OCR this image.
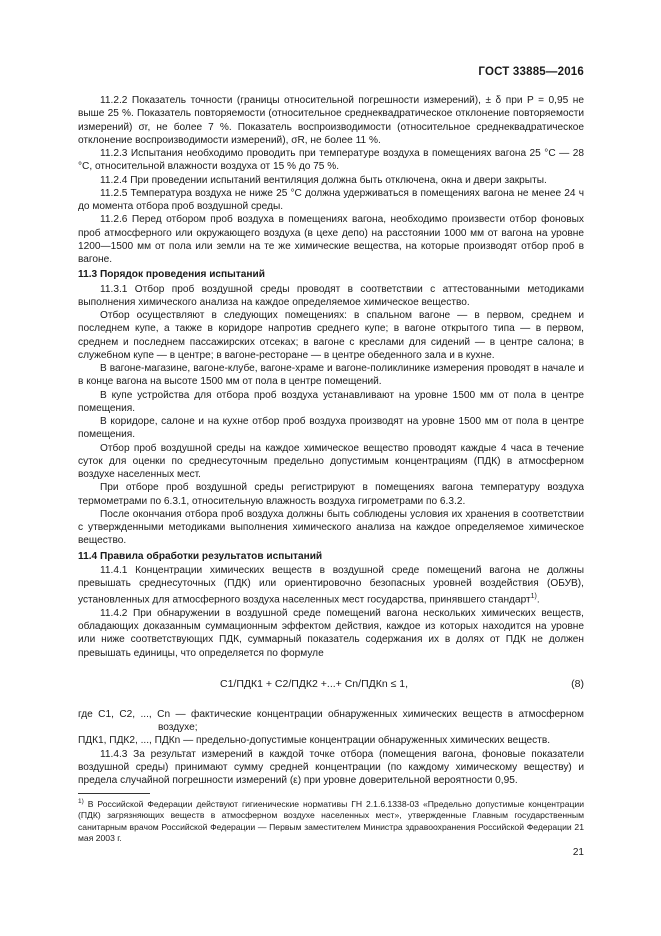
ГОСТ 33885—2016

11.2.2 Показатель точности (границы относительной погрешности измерений), ± δ при P = 0,95 не выше 25 %. Показатель повторяемости (относительное среднеквадратическое отклонение повторяемости измерений) σr, не более 7 %. Показатель воспроизводимости (относительное среднеквадратическое отклонение воспроизводимости измерений), σR, не более 11 %.

11.2.3 Испытания необходимо проводить при температуре воздуха в помещениях вагона 25 °С — 28 °С, относительной влажности воздуха от 15 % до 75 %.

11.2.4 При проведении испытаний вентиляция должна быть отключена, окна и двери закрыты.

11.2.5 Температура воздуха не ниже 25 °С должна удерживаться в помещениях вагона не менее 24 ч до момента отбора проб воздушной среды.

11.2.6 Перед отбором проб воздуха в помещениях вагона, необходимо произвести отбор фоновых проб атмосферного или окружающего воздуха (в цехе депо) на расстоянии 1000 мм от вагона на уровне 1200—1500 мм от пола или земли на те же химические вещества, на которые производят отбор проб в вагоне.

11.3 Порядок проведения испытаний

11.3.1 Отбор проб воздушной среды проводят в соответствии с аттестованными методиками выполнения химического анализа на каждое определяемое химическое вещество.

Отбор осуществляют в следующих помещениях: в спальном вагоне — в первом, среднем и последнем купе, а также в коридоре напротив среднего купе; в вагоне открытого типа — в первом, среднем и последнем пассажирских отсеках; в вагоне с креслами для сидений — в центре салона; в служебном купе — в центре; в вагоне-ресторане — в центре обеденного зала и в кухне.

В вагоне-магазине, вагоне-клубе, вагоне-храме и вагоне-поликлинике измерения проводят в начале и в конце вагона на высоте 1500 мм от пола в центре помещений.

В купе устройства для отбора проб воздуха устанавливают на уровне 1500 мм от пола в центре помещения.

В коридоре, салоне и на кухне отбор проб воздуха производят на уровне 1500 мм от пола в центре помещения.

Отбор проб воздушной среды на каждое химическое вещество проводят каждые 4 часа в течение суток для оценки по среднесуточным предельно допустимым концентрациям (ПДК) в атмосферном воздухе населенных мест.

При отборе проб воздушной среды регистрируют в помещениях вагона температуру воздуха термометрами по 6.3.1, относительную влажность воздуха гигрометрами по 6.3.2.

После окончания отбора проб воздуха должны быть соблюдены условия их хранения в соответствии с утвержденными методиками выполнения химического анализа на каждое определяемое химическое вещество.

11.4 Правила обработки результатов испытаний

11.4.1 Концентрации химических веществ в воздушной среде помещений вагона не должны превышать среднесуточных (ПДК) или ориентировочно безопасных уровней воздействия (ОБУВ), установленных для атмосферного воздуха населенных мест государства, принявшего стандарт$^{1)}$.

11.4.2 При обнаружении в воздушной среде помещений вагона нескольких химических веществ, обладающих доказанным суммационным эффектом действия, каждое из которых находится на уровне или ниже соответствующих ПДК, суммарный показатель содержания их в долях от ПДК не должен превышать единицы, что определяется по формуле

C1/ПДК1 + C2/ПДК2 +...+ Cn/ПДКn ≤ 1,	(8)

где C1, C2, ..., Cn — фактические концентрации обнаруженных химических веществ в атмосферном воздухе;

ПДК1, ПДК2, ..., ПДКn — предельно-допустимые концентрации обнаруженных химических веществ.

11.4.3 За результат измерений в каждой точке отбора (помещения вагона, фоновые показатели воздушной среды) принимают сумму средней концентрации (по каждому химическому веществу) и предела случайной погрешности измерений (ε) при уровне доверительной вероятности 0,95.

$^{1)}$ В Российской Федерации действуют гигиенические нормативы ГН 2.1.6.1338-03 «Предельно допустимые концентрации (ПДК) загрязняющих веществ в атмосферном воздухе населенных мест», утвержденные Главным государственным санитарным врачом Российской Федерации — Первым заместителем Министра здравоохранения Российской Федерации 21 мая 2003 г.
21
